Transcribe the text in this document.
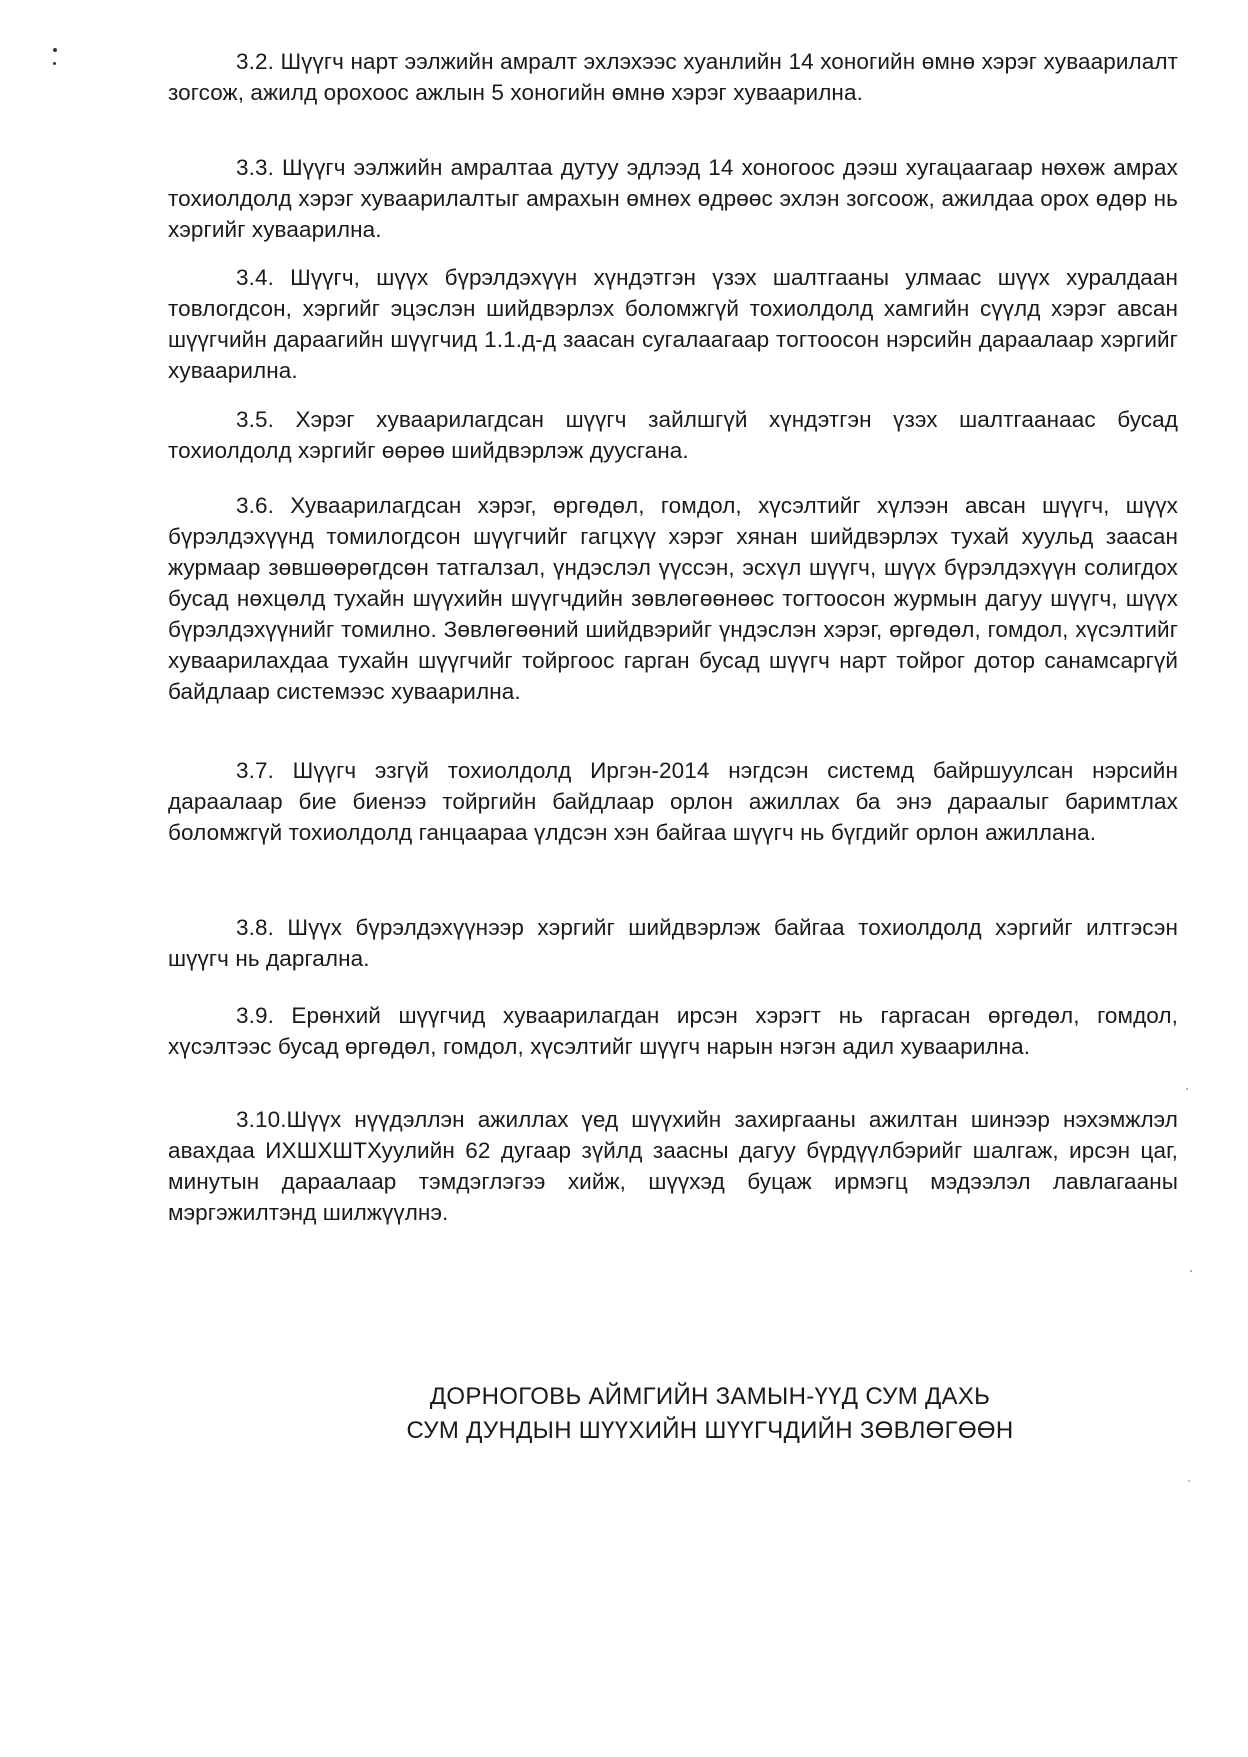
3.2. Шүүгч нарт ээлжийн амралт эхлэхээс хуанлийн 14 хоногийн өмнө хэрэг хуваарилалт зогсож, ажилд орохоос ажлын 5 хоногийн өмнө хэрэг хуваарилна.

3.3. Шүүгч ээлжийн амралтаа дутуу эдлээд 14 хоногоос дээш хугацаагаар нөхөж амрах тохиолдолд хэрэг хуваарилалтыг амрахын өмнөх өдрөөс эхлэн зогсоож, ажилдаа орох өдөр нь хэргийг хуваарилна.

3.4. Шүүгч, шүүх бүрэлдэхүүн хүндэтгэн үзэх шалтгааны улмаас шүүх хуралдаан товлогдсон, хэргийг эцэслэн шийдвэрлэх боломжгүй тохиолдолд хамгийн сүүлд хэрэг авсан шүүгчийн дараагийн шүүгчид 1.1.д-д заасан сугалаагаар тогтоосон нэрсийн дараалаар хэргийг хуваарилна.

3.5. Хэрэг хуваарилагдсан шүүгч зайлшгүй хүндэтгэн үзэх шалтгаанаас бусад тохиолдолд хэргийг өөрөө шийдвэрлэж дуусгана.

3.6. Хуваарилагдсан хэрэг, өргөдөл, гомдол, хүсэлтийг хүлээн авсан шүүгч, шүүх бүрэлдэхүүнд томилогдсон шүүгчийг гагцхүү хэрэг хянан шийдвэрлэх тухай хуульд заасан журмаар зөвшөөрөгдсөн татгалзал, үндэслэл үүссэн, эсхүл шүүгч, шүүх бүрэлдэхүүн солигдох бусад нөхцөлд тухайн шүүхийн шүүгчдийн зөвлөгөөнөөс тогтоосон журмын дагуу шүүгч, шүүх бүрэлдэхүүнийг томилно. Зөвлөгөөний шийдвэрийг үндэслэн хэрэг, өргөдөл, гомдол, хүсэлтийг хуваарилахдаа тухайн шүүгчийг тойргоос гарган бусад шүүгч нарт тойрог дотор санамсаргүй байдлаар системээс хуваарилна.

3.7. Шүүгч эзгүй тохиолдолд Иргэн-2014 нэгдсэн системд байршуулсан нэрсийн дараалаар бие биенээ тойргийн байдлаар орлон ажиллах ба энэ дараалыг баримтлах боломжгүй тохиолдолд ганцаараа үлдсэн хэн байгаа шүүгч нь бүгдийг орлон ажиллана.

3.8. Шүүх бүрэлдэхүүнээр хэргийг шийдвэрлэж байгаа тохиолдолд хэргийг илтгэсэн шүүгч нь даргална.

3.9. Ерөнхий шүүгчид хуваарилагдан ирсэн хэрэгт нь гаргасан өргөдөл, гомдол, хүсэлтээс бусад өргөдөл, гомдол, хүсэлтийг шүүгч нарын нэгэн адил хуваарилна.

3.10.Шүүх нүүдэллэн ажиллах үед шүүхийн захиргааны ажилтан шинээр нэхэмжлэл авахдаа ИХШХШТХуулийн 62 дугаар зүйлд заасны дагуу бүрдүүлбэрийг шалгаж, ирсэн цаг, минутын дараалаар тэмдэглэгээ хийж, шүүхэд буцаж ирмэгц мэдээлэл лавлагааны мэргэжилтэнд шилжүүлнэ.

ДОРНОГОВЬ АЙМГИЙН ЗАМЫН-ҮҮД СУМ ДАХЬ
СУМ ДУНДЫН ШҮҮХИЙН ШҮҮГЧДИЙН ЗӨВЛӨГӨӨН
